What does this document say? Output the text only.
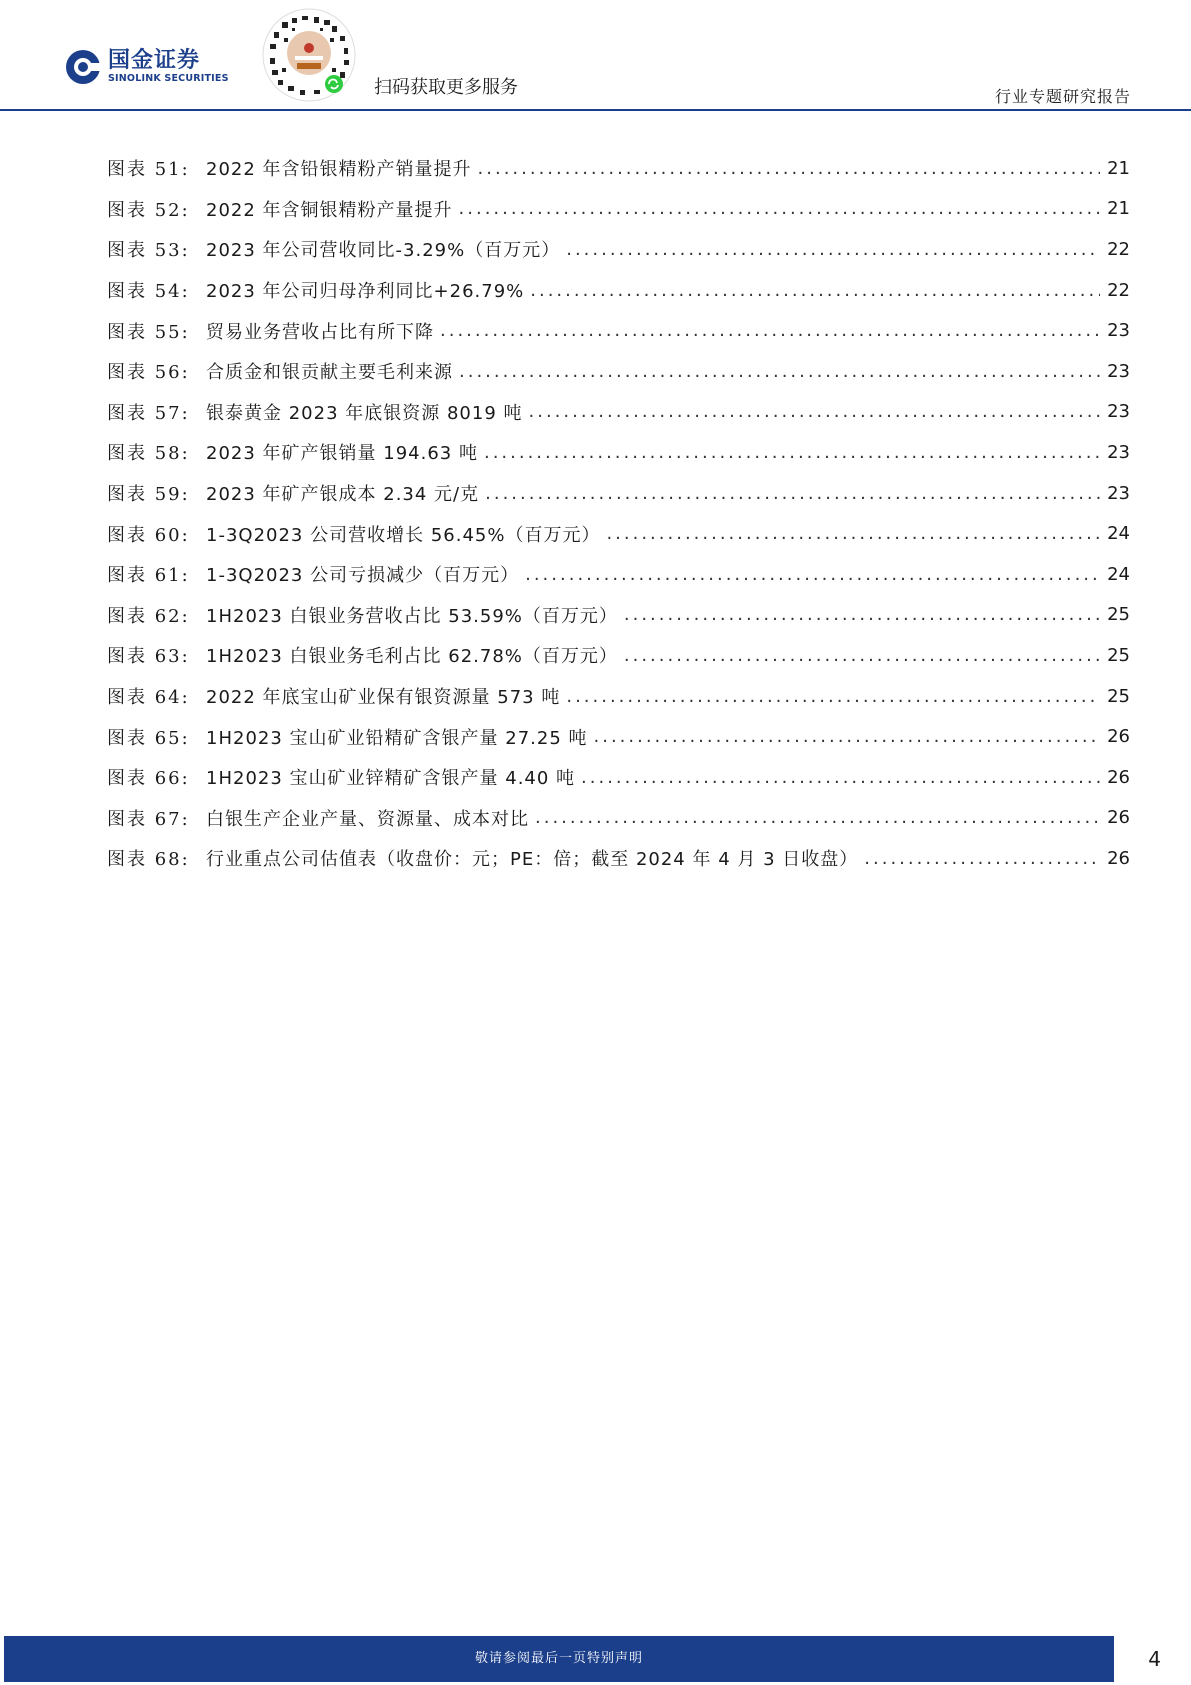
国金证券
SINOLINK SECURITIES	扫码获取更多服务	行业专题研究报告
图表 51: 2022 年含铅银精粉产销量提升 .....	21
图表 52: 2022 年含铜银精粉产量提升 .....	21
图表 53: 2023 年公司营收同比-3.29%（百万元） .....	22
图表 54: 2023 年公司归母净利同比+26.79% .....	22
图表 55: 贸易业务营收占比有所下降 .....	23
图表 56: 合质金和银贡献主要毛利来源 .....	23
图表 57: 银泰黄金 2023 年底银资源 8019 吨 .....	23
图表 58: 2023 年矿产银销量 194.63 吨 .....	23
图表 59: 2023 年矿产银成本 2.34 元/克 .....	23
图表 60: 1-3Q2023 公司营收增长 56.45%（百万元） .....	24
图表 61: 1-3Q2023 公司亏损减少（百万元） .....	24
图表 62: 1H2023 白银业务营收占比 53.59%（百万元） .....	25
图表 63: 1H2023 白银业务毛利占比 62.78%（百万元） .....	25
图表 64: 2022 年底宝山矿业保有银资源量 573 吨 .....	25
图表 65: 1H2023 宝山矿业铅精矿含银产量 27.25 吨 .....	26
图表 66: 1H2023 宝山矿业锌精矿含银产量 4.40 吨 .....	26
图表 67: 白银生产企业产量、资源量、成本对比 .....	26
图表 68: 行业重点公司估值表（收盘价：元；PE：倍；截至 2024 年 4 月 3 日收盘） .....	26
敬请参阅最后一页特别声明	4
